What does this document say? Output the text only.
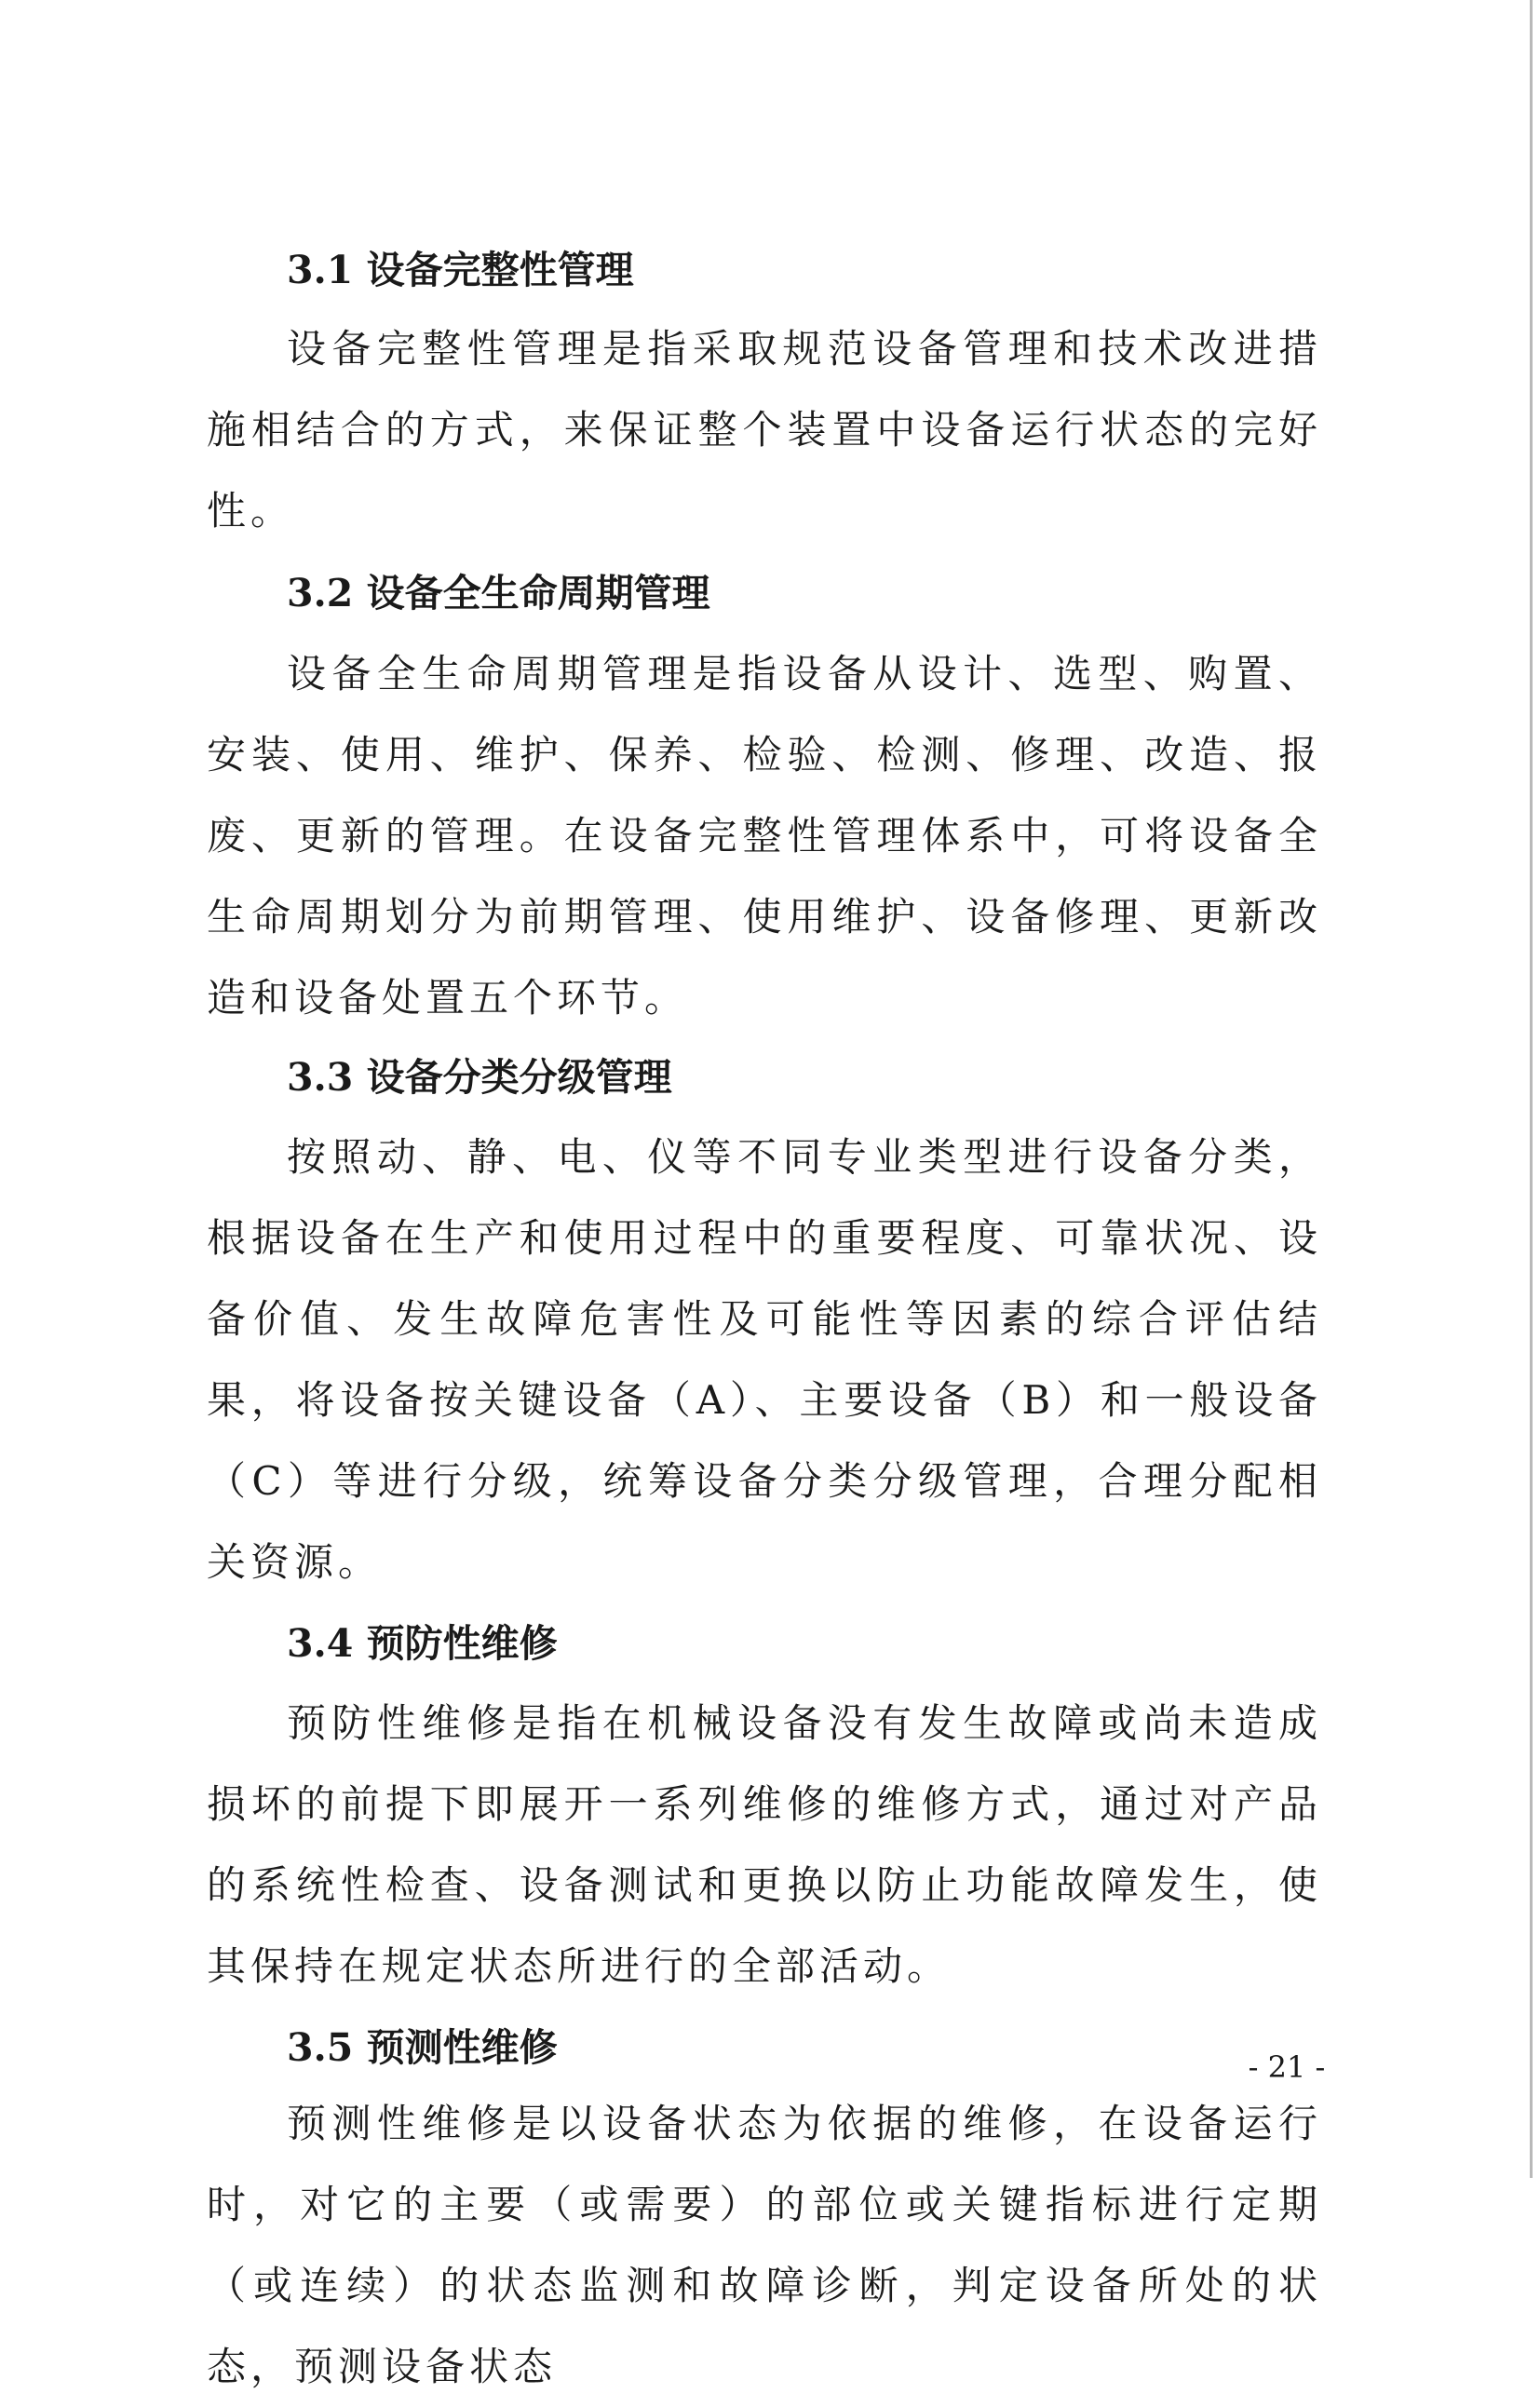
3.1 设备完整性管理

设备完整性管理是指采取规范设备管理和技术改进措施相结合的方式，来保证整个装置中设备运行状态的完好性。

3.2 设备全生命周期管理

设备全生命周期管理是指设备从设计、选型、购置、安装、使用、维护、保养、检验、检测、修理、改造、报废、更新的管理。在设备完整性管理体系中，可将设备全生命周期划分为前期管理、使用维护、设备修理、更新改造和设备处置五个环节。

3.3 设备分类分级管理

按照动、静、电、仪等不同专业类型进行设备分类，根据设备在生产和使用过程中的重要程度、可靠状况、设备价值、发生故障危害性及可能性等因素的综合评估结果，将设备按关键设备（A）、主要设备（B）和一般设备（C）等进行分级，统筹设备分类分级管理，合理分配相关资源。

3.4 预防性维修

预防性维修是指在机械设备没有发生故障或尚未造成损坏的前提下即展开一系列维修的维修方式，通过对产品的系统性检查、设备测试和更换以防止功能故障发生，使其保持在规定状态所进行的全部活动。

3.5 预测性维修

预测性维修是以设备状态为依据的维修，在设备运行时，对它的主要（或需要）的部位或关键指标进行定期（或连续）的状态监测和故障诊断，判定设备所处的状态，预测设备状态

- 21 -
